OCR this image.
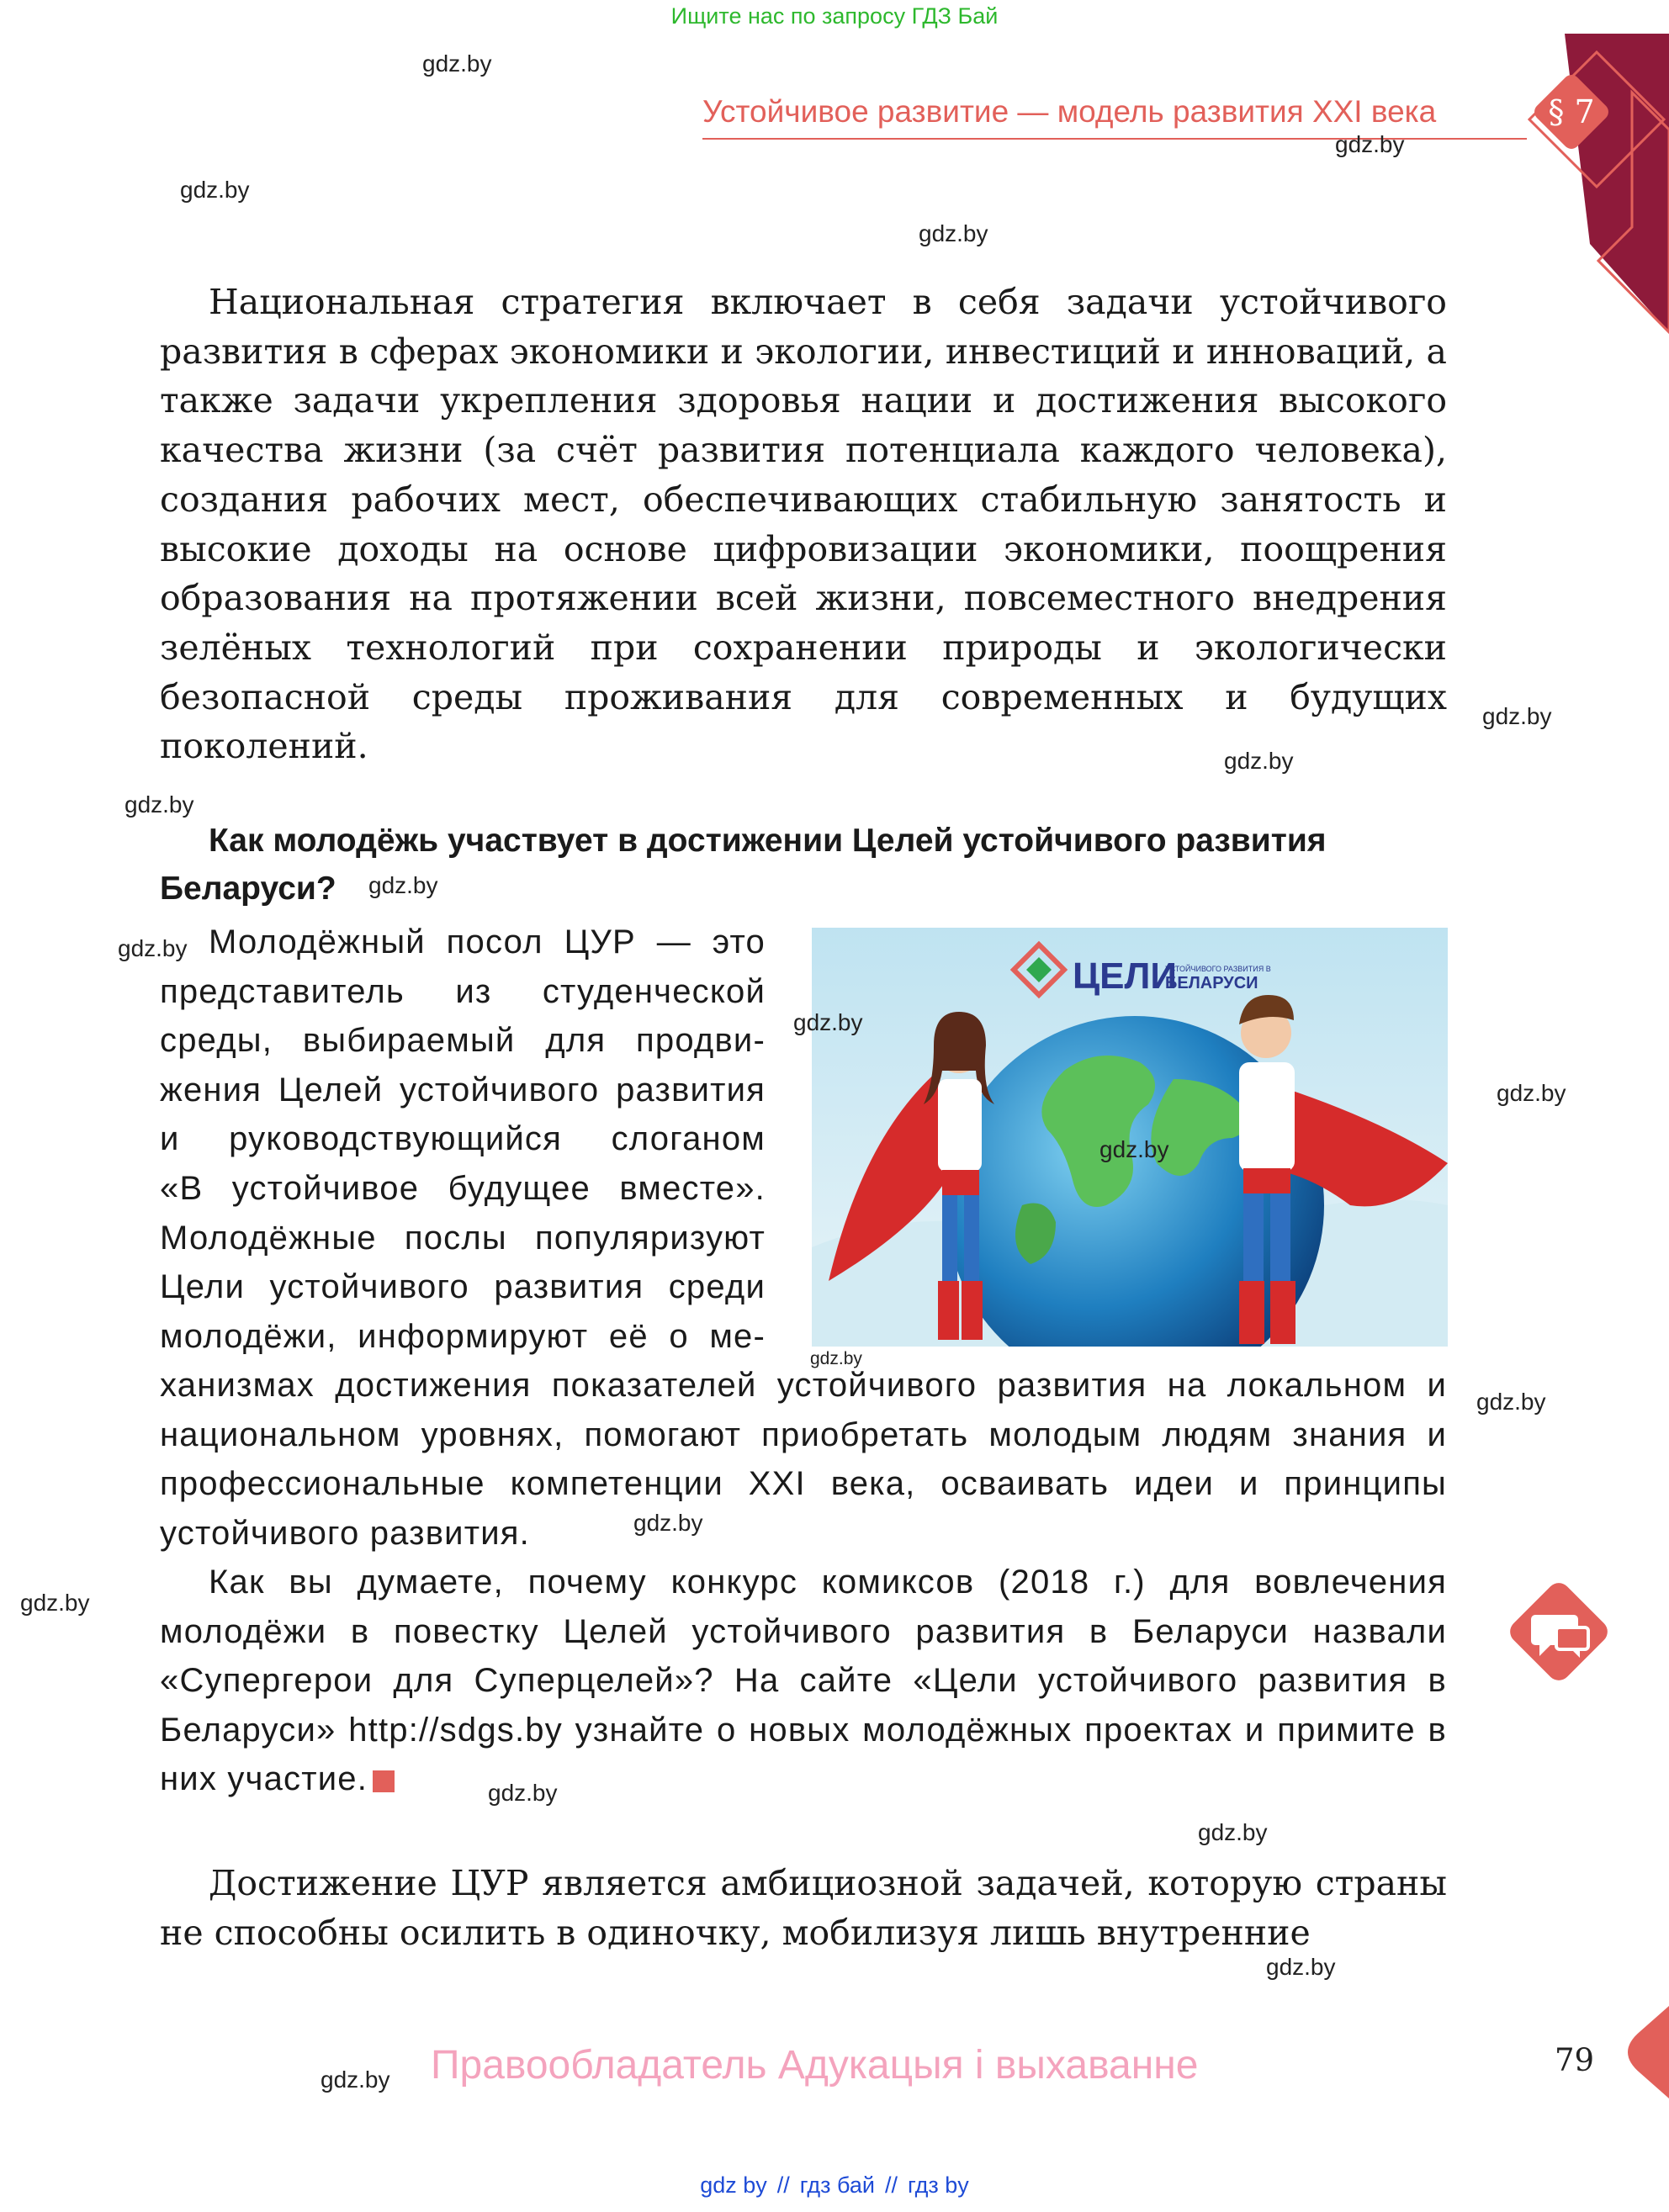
Ищите нас по запросу ГДЗ Бай
§ 7
Устойчивое развитие — модель развития XXI века
Национальная стратегия включает в себя задачи устойчивого развития в сферах экономики и экологии, инвестиций и инноваций, а также задачи укрепления здоровья нации и достижения высокого качества жизни (за счёт развития потенциала каждого человека), создания рабочих мест, обеспечивающих стабильную занятость и высокие доходы на основе цифровизации экономики, поощрения образования на протяжении всей жизни, повсеместного внедрения зелёных технологий при сохранении природы и экологически безопасной среды проживания для современных и будущих поколений.
Как молодёжь участвует в достижении Целей устойчивого развития
Беларуси?
Молодёжный посол ЦУР — это
представитель из студенческой
среды, выбираемый для продви-
жения Целей устойчивого развития
и руководствующийся слоганом
«В устойчивое будущее вместе».
Молодёжные послы популяризуют
Цели устойчивого развития среди
молодёжи, информируют её о ме-
ЦЕЛИ
УСТОЙЧИВОГО РАЗВИТИЯ В
БЕЛАРУСИ
ханизмах достижения показателей устойчивого развития на локальном и национальном уровнях, помогают приобретать молодым людям знания и профессиональные компетенции XXI века, осваивать идеи и принципы устойчивого развития.
Как вы думаете, почему конкурс комиксов (2018 г.) для вовлечения молодёжи в повестку Целей устойчивого развития в Беларуси назвали «Супергерои для Суперцелей»? На сайте «Цели устойчивого развития в Беларуси» http://sdgs.by узнайте о новых молодёжных проектах и примите в них участие.
Достижение ЦУР является амбициозной задачей, которую страны не способны осилить в одиночку, мобилизуя лишь внутренние
Правообладатель Адукацыя і выхаванне	79
gdz.by
gdz.by
gdz.by
gdz.by
gdz.by
gdz.by
gdz.by
gdz.by
gdz.by
gdz.by
gdz.by
gdz.by
gdz.by
gdz.by
gdz.by
gdz.by
gdz.by
gdz.by
gdz.by
gdz.by
gdz by // гдз бай // гдз by
